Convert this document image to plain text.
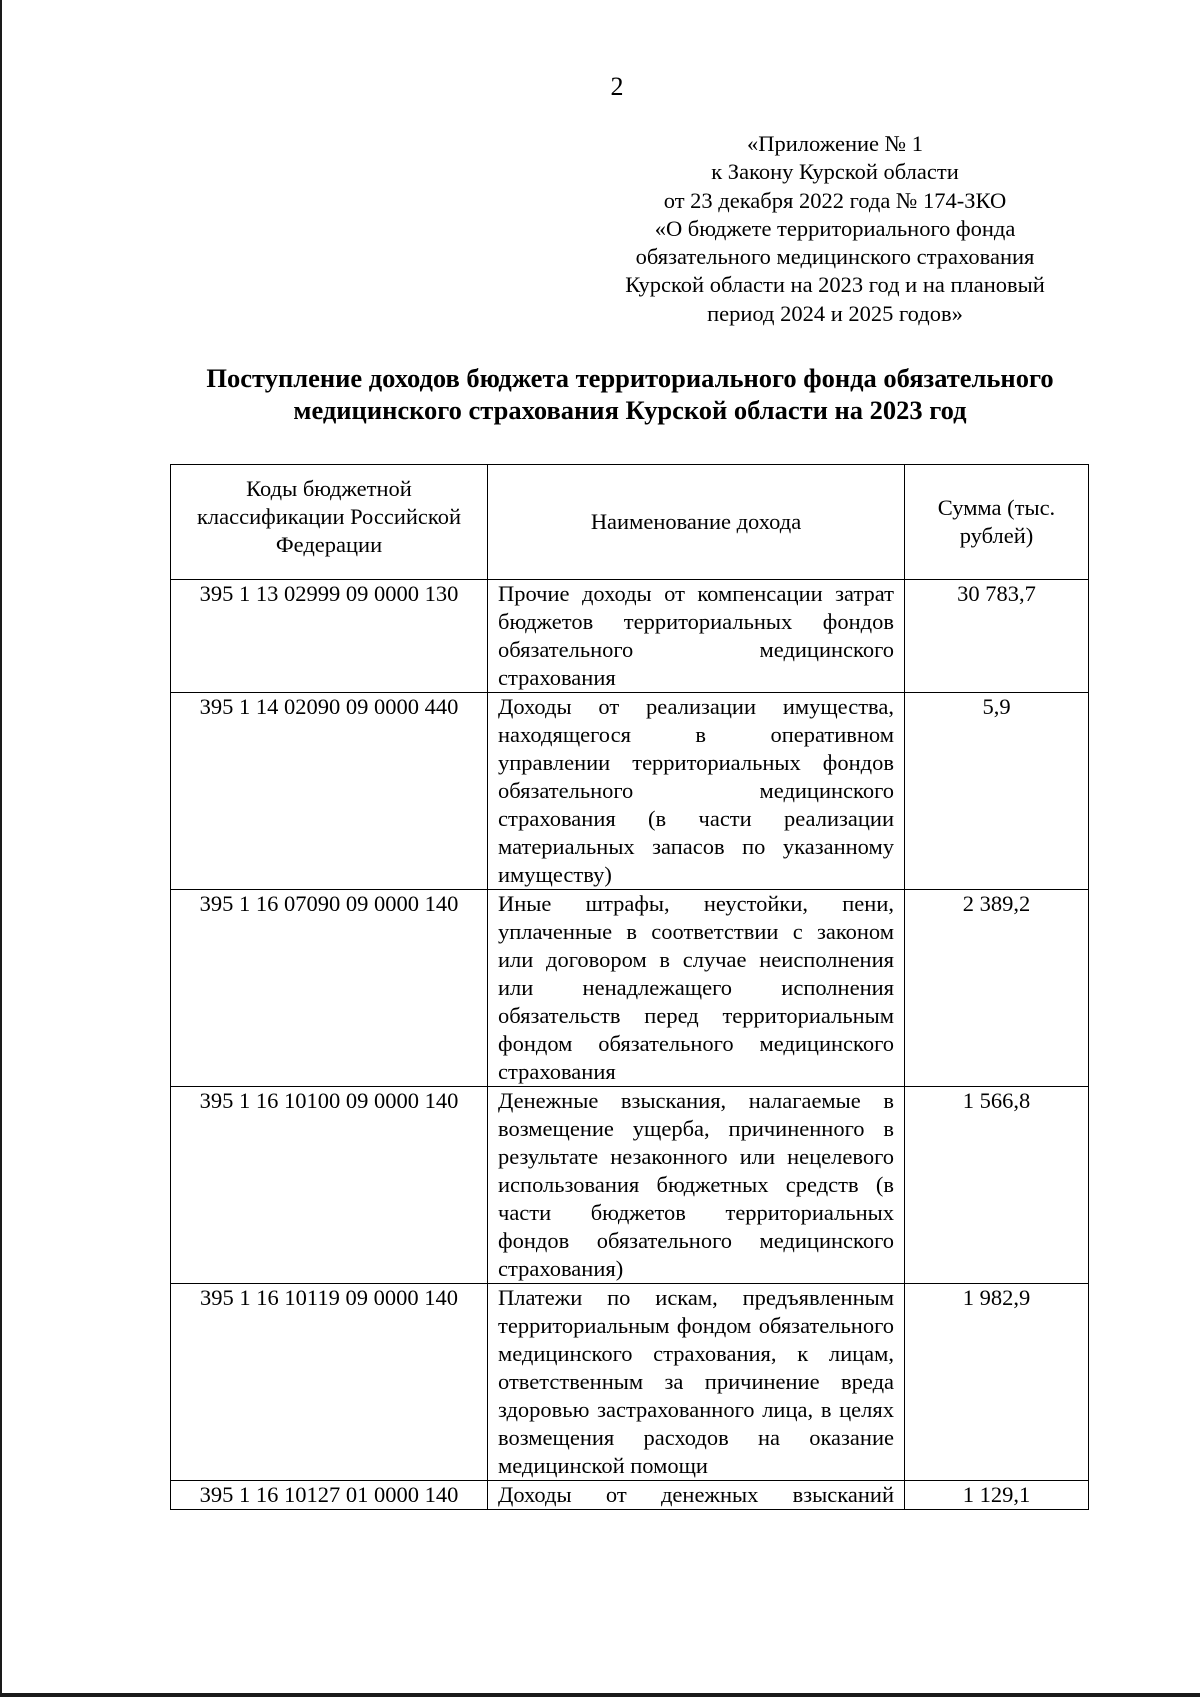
2
«Приложение № 1
к Закону Курской области
от 23 декабря 2022 года № 174-ЗКО
«О бюджете территориального фонда
обязательного медицинского страхования
Курской области на 2023 год и на плановый
период 2024 и 2025 годов»
Поступление доходов бюджета территориального фонда обязательного
медицинского страхования Курской области на 2023 год
Коды бюджетной классификации Российской Федерации	Наименование дохода	Сумма (тыс. рублей)
395 1 13 02999 09 0000 130	Прочие доходы от компенсации затрат бюджетов территориальных фондов обязательного медицинского страхования	30 783,7
395 1 14 02090 09 0000 440	Доходы от реализации имущества, находящегося в оперативном управлении территориальных фондов обязательного медицинского страхования (в части реализации материальных запасов по указанному имуществу)	5,9
395 1 16 07090 09 0000 140	Иные штрафы, неустойки, пени, уплаченные в соответствии с законом или договором в случае неисполнения или ненадлежащего исполнения обязательств перед территориальным фондом обязательного медицинского страхования	2 389,2
395 1 16 10100 09 0000 140	Денежные взыскания, налагаемые в возмещение ущерба, причиненного в результате незаконного или нецелевого использования бюджетных средств (в части бюджетов территориальных фондов обязательного медицинского страхования)	1 566,8
395 1 16 10119 09 0000 140	Платежи по искам, предъявленным территориальным фондом обязательного медицинского страхования, к лицам, ответственным за причинение вреда здоровью застрахованного лица, в целях возмещения расходов на оказание медицинской помощи	1 982,9
395 1 16 10127 01 0000 140	Доходы от денежных взысканий	1 129,1
